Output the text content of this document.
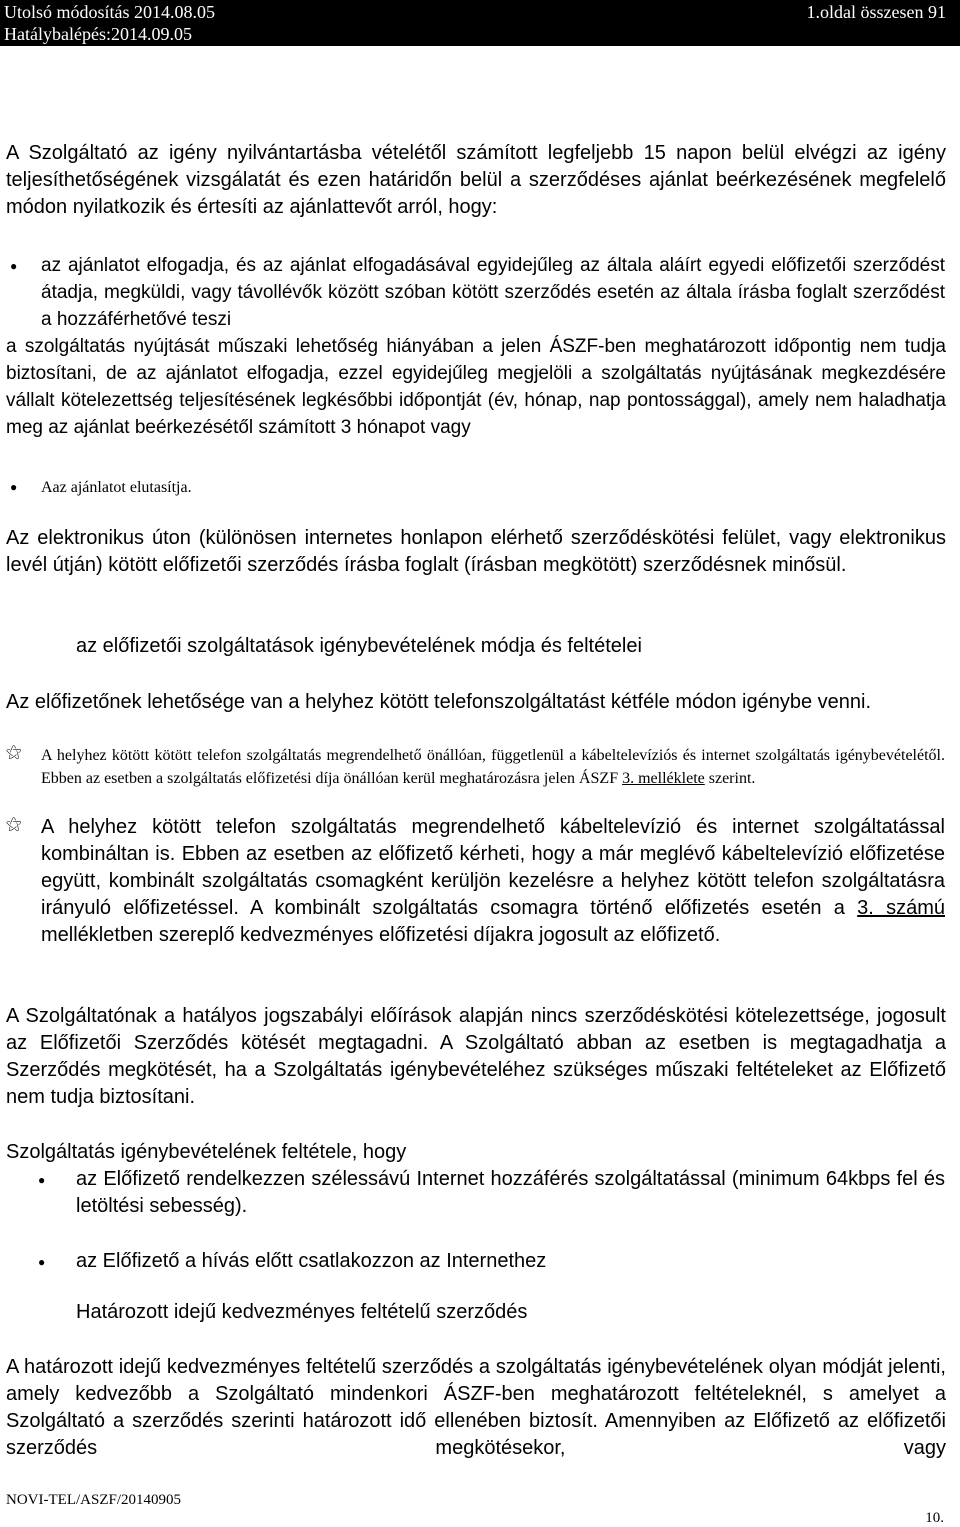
Utolsó módosítás 2014.08.05
Hatálybalépés:2014.09.05
1.oldal összesen 91

A Szolgáltató az igény nyilvántartásba vételétől számított legfeljebb 15 napon belül elvégzi az igény teljesíthetőségének vizsgálatát és ezen határidőn belül a szerződéses ajánlat beérkezésének megfelelő módon nyilatkozik és értesíti az ajánlattevőt arról, hogy:

● az ajánlatot elfogadja, és az ajánlat elfogadásával egyidejűleg az általa aláírt egyedi előfizetői szerződést átadja, megküldi, vagy távollévők között szóban kötött szerződés esetén az általa írásba foglalt szerződést a hozzáférhetővé teszi

a szolgáltatás nyújtását műszaki lehetőség hiányában a jelen ÁSZF-ben meghatározott időpontig nem tudja biztosítani, de az ajánlatot elfogadja, ezzel egyidejűleg megjelöli a szolgáltatás nyújtásának megkezdésére vállalt kötelezettség teljesítésének legkésőbbi időpontját (év, hónap, nap pontossággal), amely nem haladhatja meg az ajánlat beérkezésétől számított 3 hónapot vagy

● Aaz ajánlatot elutasítja.

Az elektronikus úton (különösen internetes honlapon elérhető szerződéskötési felület, vagy elektronikus levél útján) kötött előfizetői szerződés írásba foglalt (írásban megkötött) szerződésnek minősül.

az előfizetői szolgáltatások igénybevételének módja és feltételei

Az előfizetőnek lehetősége van a helyhez kötött telefonszolgáltatást kétféle módon igénybe venni.

⚝ A helyhez kötött kötött telefon szolgáltatás megrendelhető önállóan, függetlenül a kábeltelevíziós és internet szolgáltatás igénybevételétől. Ebben az esetben a szolgáltatás előfizetési díja önállóan kerül meghatározásra jelen ÁSZF 3. melléklete szerint.
⚝ A helyhez kötött telefon szolgáltatás megrendelhető kábeltelevízió és internet szolgáltatással kombináltan is. Ebben az esetben az előfizető kérheti, hogy a már meglévő kábeltelevízió előfizetése együtt, kombinált szolgáltatás csomagként kerüljön kezelésre a helyhez kötött telefon szolgáltatásra irányuló előfizetéssel. A kombinált szolgáltatás csomagra történő előfizetés esetén a 3. számú mellékletben szereplő kedvezményes előfizetési díjakra jogosult az előfizető.

A Szolgáltatónak a hatályos jogszabályi előírások alapján nincs szerződéskötési kötelezettsége, jogosult az Előfizetői Szerződés kötését megtagadni. A Szolgáltató abban az esetben is megtagadhatja a Szerződés megkötését, ha a Szolgáltatás igénybevételéhez szükséges műszaki feltételeket az Előfizető nem tudja biztosítani.

Szolgáltatás igénybevételének feltétele, hogy
● az Előfizető rendelkezzen szélessávú Internet hozzáférés szolgáltatással (minimum 64kbps fel és letöltési sebesség).
● az Előfizető a hívás előtt csatlakozzon az Internethez
Határozott idejű kedvezményes feltételű szerződés

A határozott idejű kedvezményes feltételű szerződés a szolgáltatás igénybevételének olyan módját jelenti, amely kedvezőbb a Szolgáltató mindenkori ÁSZF-ben meghatározott feltételeknél, s amelyet a Szolgáltató a szerződés szerinti határozott idő ellenében biztosít. Amennyiben az Előfizető az előfizetői szerződés megkötésekor, vagy

NOVI-TEL/ASZF/20140905
10.
